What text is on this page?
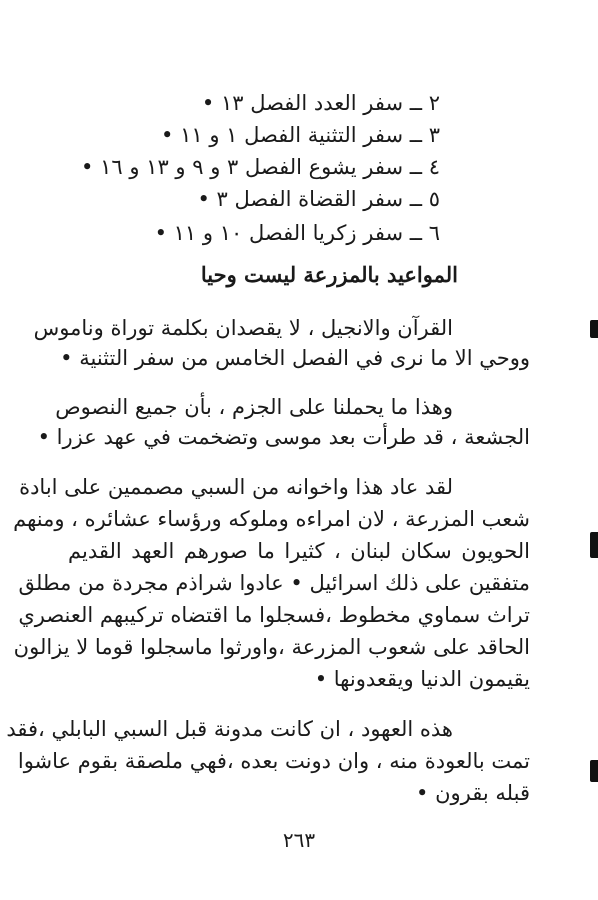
٢ ــ سفر العدد الفصل ١٣ •
٣ ــ سفر التثنية الفصل ١ و ١١ •
٤ ــ سفر يشوع الفصل ٣ و ٩ و ١٣ و ١٦ •
٥ ــ سفر القضاة الفصل ٣ •
٦ ــ سفر زكريا الفصل ١٠ و ١١ •
المواعيد بالمزرعة ليست وحيا
القرآن والانجيل ، لا يقصدان بكلمة توراة وناموس
ووحي الا ما نرى في الفصل الخامس من سفر التثنية •
وهذا ما يحملنا على الجزم ، بأن جميع النصوص
الجشعة ، قد طرأت بعد موسى وتضخمت في عهد عزرا •
لقد عاد هذا واخوانه من السبي مصممين على ابادة
شعب المزرعة ، لان امراءه وملوكه ورؤساء عشائره ، ومنهم
الحويون سكان لبنان ، كثيرا ما صورهم العهد القديم
متفقين على ذلك اسرائيل • عادوا شراذم مجردة من مطلق
تراث سماوي مخطوط ،فسجلوا ما اقتضاه تركيبهم العنصري
الحاقد على شعوب المزرعة ،واورثوا ماسجلوا قوما لا يزالون
يقيمون الدنيا ويقعدونها •
هذه العهود ، ان كانت مدونة قبل السبي البابلي ،فقد
تمت بالعودة منه ، وان دونت بعده ،فهي ملصقة بقوم عاشوا
قبله بقرون •
٢٦٣
